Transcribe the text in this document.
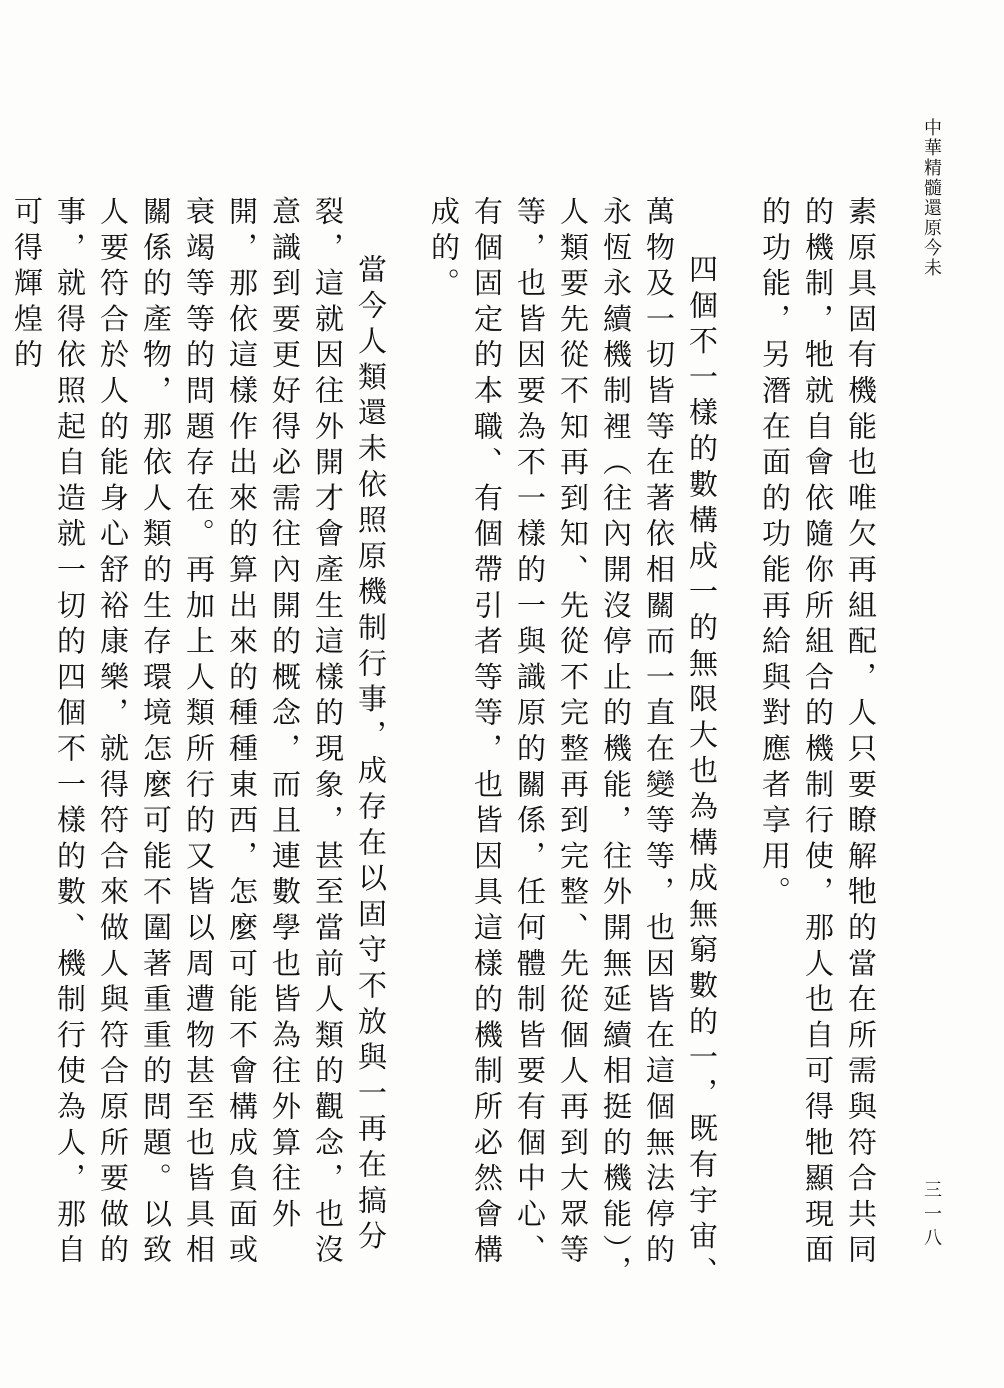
中華精髓還原今未
三一八

素原具固有機能也唯欠再組配，人只要瞭解牠的當在所需與符合共同的機制，牠就自會依隨你所組合的機制行使，那人也自可得牠顯現面的功能，另潛在面的功能再給與對應者享用。

四個不一樣的數構成一的無限大也為構成無窮數的一，既有宇宙、萬物及一切皆等在著依相關而一直在變等等，也因皆在這個無法停的永恆永續機制裡（往內開沒停止的機能，往外開無延續相挺的機能），人類要先從不知再到知、先從不完整再到完整、先從個人再到大眾等等，也皆因要為不一樣的一與識原的關係，任何體制皆要有個中心、有個固定的本職、有個帶引者等等，也皆因具這樣的機制所必然會構成的。

當今人類還未依照原機制行事，成存在以固守不放與一再在搞分裂，這就因往外開才會產生這樣的現象，甚至當前人類的觀念，也沒意識到要更好得必需往內開的概念，而且連數學也皆為往外算往外開，那依這樣作出來的算出來的種種東西，怎麼可能不會構成負面或衰竭等等的問題存在。再加上人類所行的又皆以周遭物甚至也皆具相關係的產物，那依人類的生存環境怎麼可能不圍著重重的問題。以致人要符合於人的能身心舒裕康樂，就得符合來做人與符合原所要做的事，就得依照起自造就一切的四個不一樣的數、機制行使為人，那自可得輝煌的
